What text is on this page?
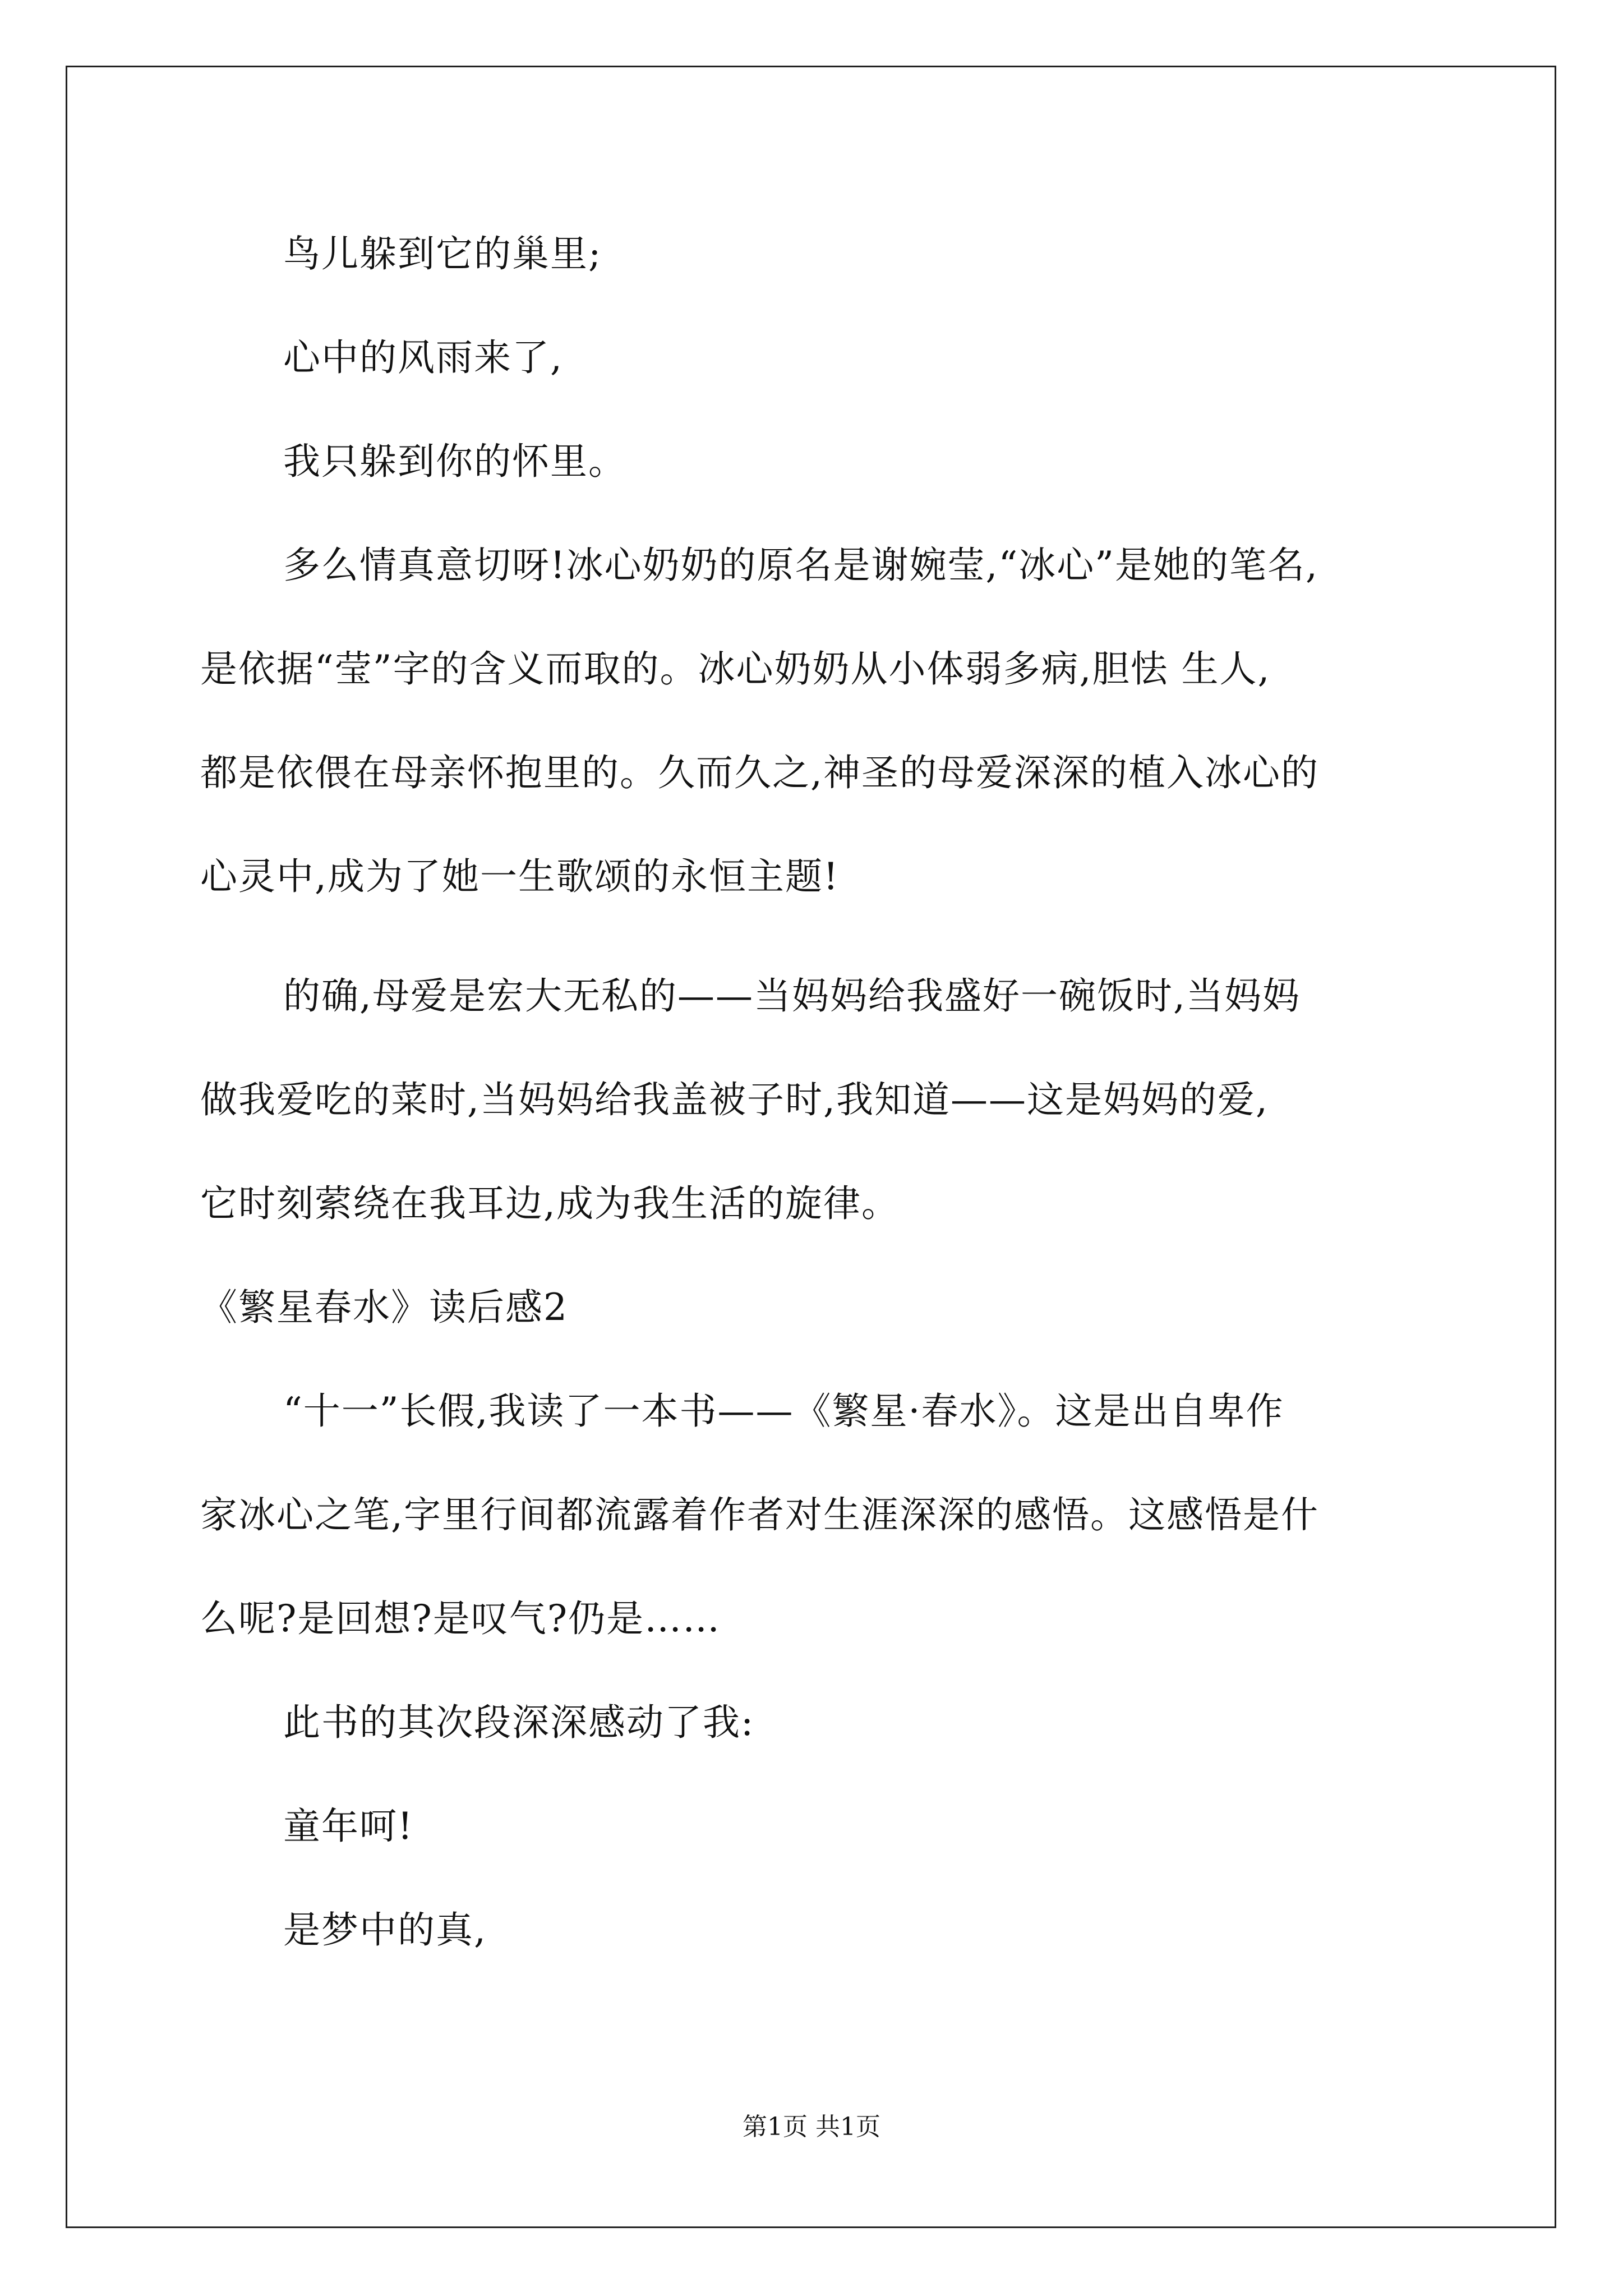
鸟儿躲到它的巢里;
心中的风雨来了,
我只躲到你的怀里。
多么情真意切呀!冰心奶奶的原名是谢婉莹,“冰心”是她的笔名,
是依据“莹”字的含义而取的。冰心奶奶从小体弱多病,胆怯 生人,
都是依偎在母亲怀抱里的。久而久之,神圣的母爱深深的植入冰心的
心灵中,成为了她一生歌颂的永恒主题!
的确,母爱是宏大无私的——当妈妈给我盛好一碗饭时,当妈妈
做我爱吃的菜时,当妈妈给我盖被子时,我知道——这是妈妈的爱,
它时刻萦绕在我耳边,成为我生活的旋律。
《繁星春水》读后感2
“十一”长假,我读了一本书——《繁星·春水》。这是出自卑作
家冰心之笔,字里行间都流露着作者对生涯深深的感悟。这感悟是什
么呢?是回想?是叹气?仍是……
此书的其次段深深感动了我:
童年呵!
是梦中的真,
第1页 共1页
